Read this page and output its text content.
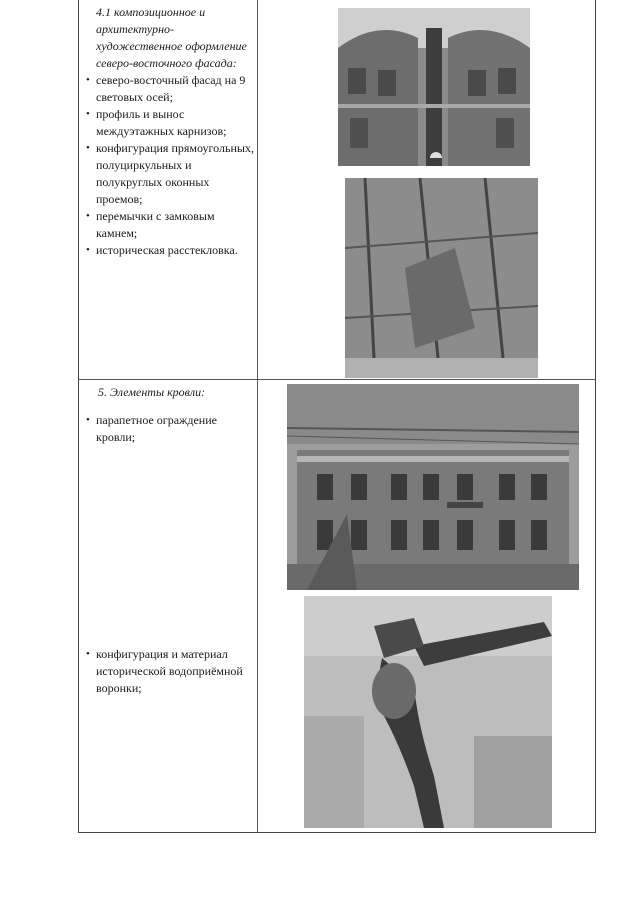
4.1 композиционное и архитектурно-художественное оформление северо-восточного фасада:
• северо-восточный фасад на 9 световых осей;
• профиль и вынос междуэтажных карнизов;
• конфигурация прямоугольных, полуциркульных и полукруглых оконных проемов;
• перемычки с замковым камнем;
• историческая расстекловка.
5. Элементы кровли:
• парапетное ограждение кровли;
• конфигурация и материал исторической водоприёмной воронки;
